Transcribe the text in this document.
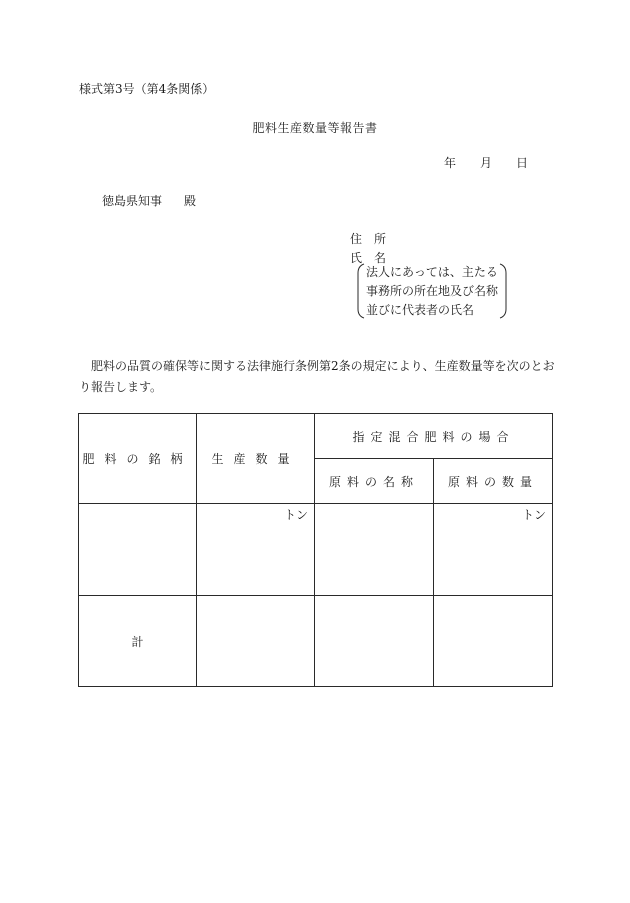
様式第3号（第4条関係）
肥料生産数量等報告書
年 月 日
徳島県知事 殿
住 所
氏 名
法人にあっては、主たる
事務所の所在地及び名称
並びに代表者の氏名
肥料の品質の確保等に関する法律施行条例第2条の規定により、生産数量等を次のとおり報告します。
肥料の銘柄	生産数量	指定混合肥料の場合	
		原料の名称	原料の数量

	トン		トン

計			
